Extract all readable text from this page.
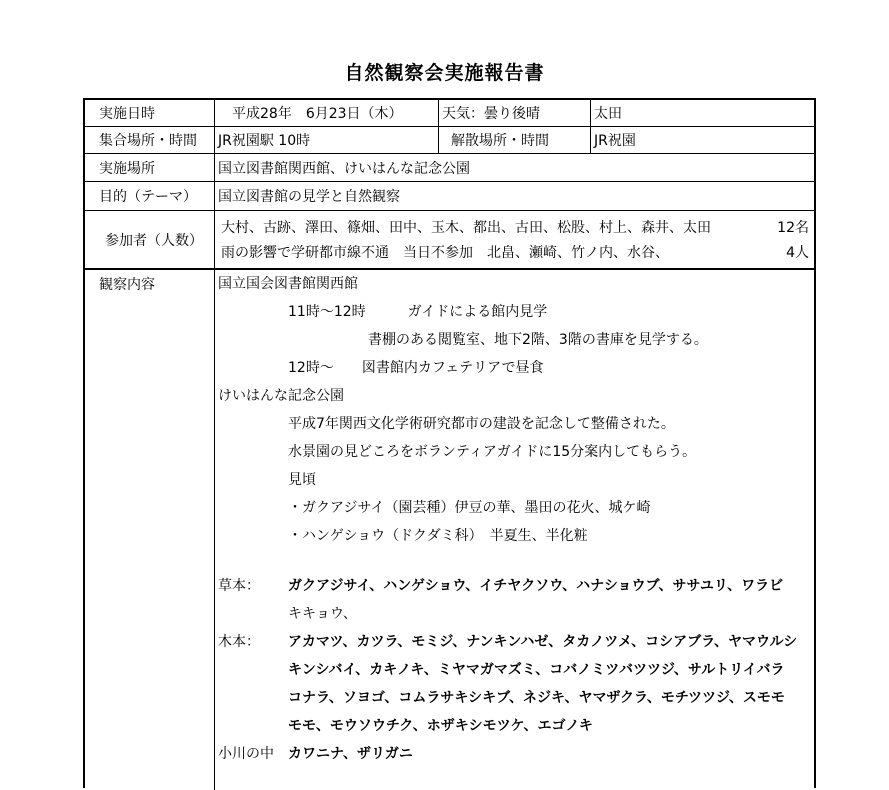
自然観察会実施報告書
実施日時	　平成28年　6月23日（木）	天気：曇り後晴	太田
集合場所・時間	JR祝園駅 10時	解散場所・時間	JR祝園
実施場所	国立図書館関西館、けいはんな記念公園
目的（テーマ）	国立図書館の見学と自然観察
参加者（人数）
大村、古跡、澤田、篠畑、田中、玉木、都出、古田、松股、村上、森井、太田	12名
雨の影響で学研都市線不通　当日不参加　北畠、瀬崎、竹ノ内、水谷、	4人
観察内容	国立国会図書館関西館
11時～12時　　　ガイドによる館内見学
書棚のある閲覧室、地下2階、3階の書庫を見学する。
12時～　　図書館内カフェテリアで昼食
けいはんな記念公園
平成7年関西文化学術研究都市の建設を記念して整備された。
水景園の見どころをボランティアガイドに15分案内してもらう。
見頃
・ガクアジサイ（園芸種）伊豆の華、墨田の花火、城ケ崎
・ハンゲショウ（ドクダミ科）　半夏生、半化粧
草本： ガクアジサイ、ハンゲショウ、イチヤクソウ、ハナショウブ、ササユリ、ワラビ
キキョウ、
木本： アカマツ、カツラ、モミジ、ナンキンハゼ、タカノツメ、コシアブラ、ヤマウルシ
キンシバイ、カキノキ、ミヤマガマズミ、コバノミツバツツジ、サルトリイバラ
コナラ、ソヨゴ、コムラサキシキブ、ネジキ、ヤマザクラ、モチツツジ、スモモ
モモ、モウソウチク、ホザキシモツケ、エゴノキ
小川の中 カワニナ、ザリガニ
